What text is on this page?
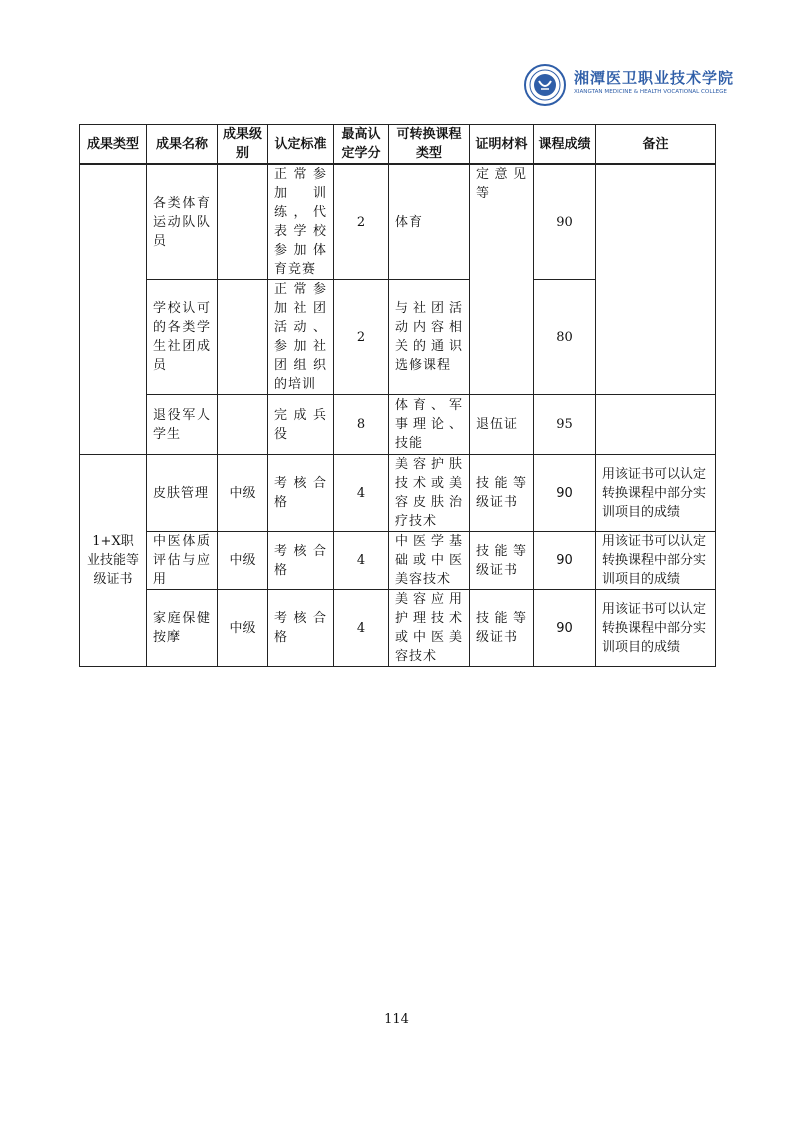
湘潭医卫职业技术学院
XIANGTAN MEDICINE & HEALTH VOCATIONAL COLLEGE
成果类型	成果名称	成果级别	认定标准	最高认定学分	可转换课程类型	证明材料	课程成绩	备注
	各类体育运动队队员		正常参加训练，代表学校参加体育竞赛	2	体育	定意见等	90	
	学校认可的各类学生社团成员		正常参加社团活动、参加社团组织的培训	2	与社团活动内容相关的通识选修课程		80	
	退役军人学生		完成兵役	8	体育、军事理论、技能	退伍证	95	
1+X职业技能等级证书	皮肤管理	中级	考核合格	4	美容护肤技术或美容皮肤治疗技术	技能等级证书	90	用该证书可以认定转换课程中部分实训项目的成绩
	中医体质评估与应用	中级	考核合格	4	中医学基础或中医美容技术	技能等级证书	90	用该证书可以认定转换课程中部分实训项目的成绩
	家庭保健按摩	中级	考核合格	4	美容应用护理技术或中医美容技术	技能等级证书	90	用该证书可以认定转换课程中部分实训项目的成绩
114
